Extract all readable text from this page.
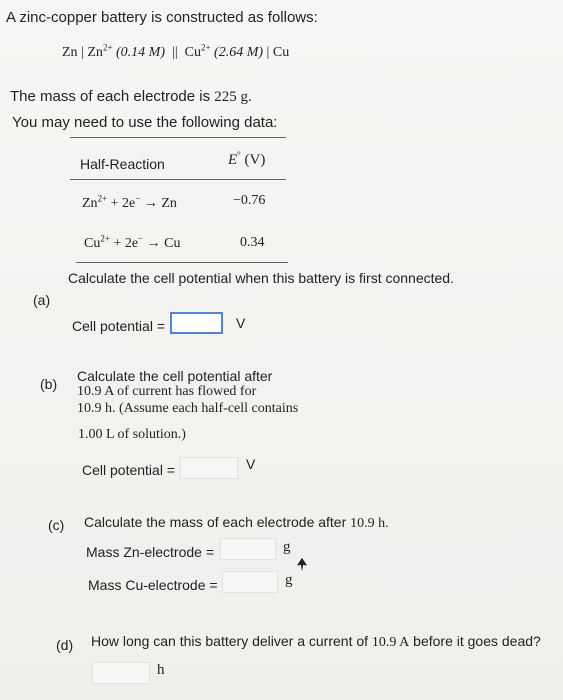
A zinc-copper battery is constructed as follows:
Zn | $Zn^{2+}$ (0.14 M) || $Cu^{2+}$ (2.64 M) | Cu
The mass of each electrode is 225 g.
You may need to use the following data:
Half-Reaction	E° (V)
$Zn^{2+} + 2e^- \to Zn$	−0.76
$Cu^{2+} + 2e^- \to Cu$	0.34
(a)
Calculate the cell potential when this battery is first connected.
Cell potential =	V
(b) Calculate the cell potential after
10.9 A of current has flowed for
10.9 h. (Assume each half-cell contains
1.00 L of solution.)
Cell potential =	V
(c) Calculate the mass of each electrode after 10.9 h.
Mass Zn-electrode =	g
Mass Cu-electrode =	g
(d) How long can this battery deliver a current of 10.9 A before it goes dead?
h
